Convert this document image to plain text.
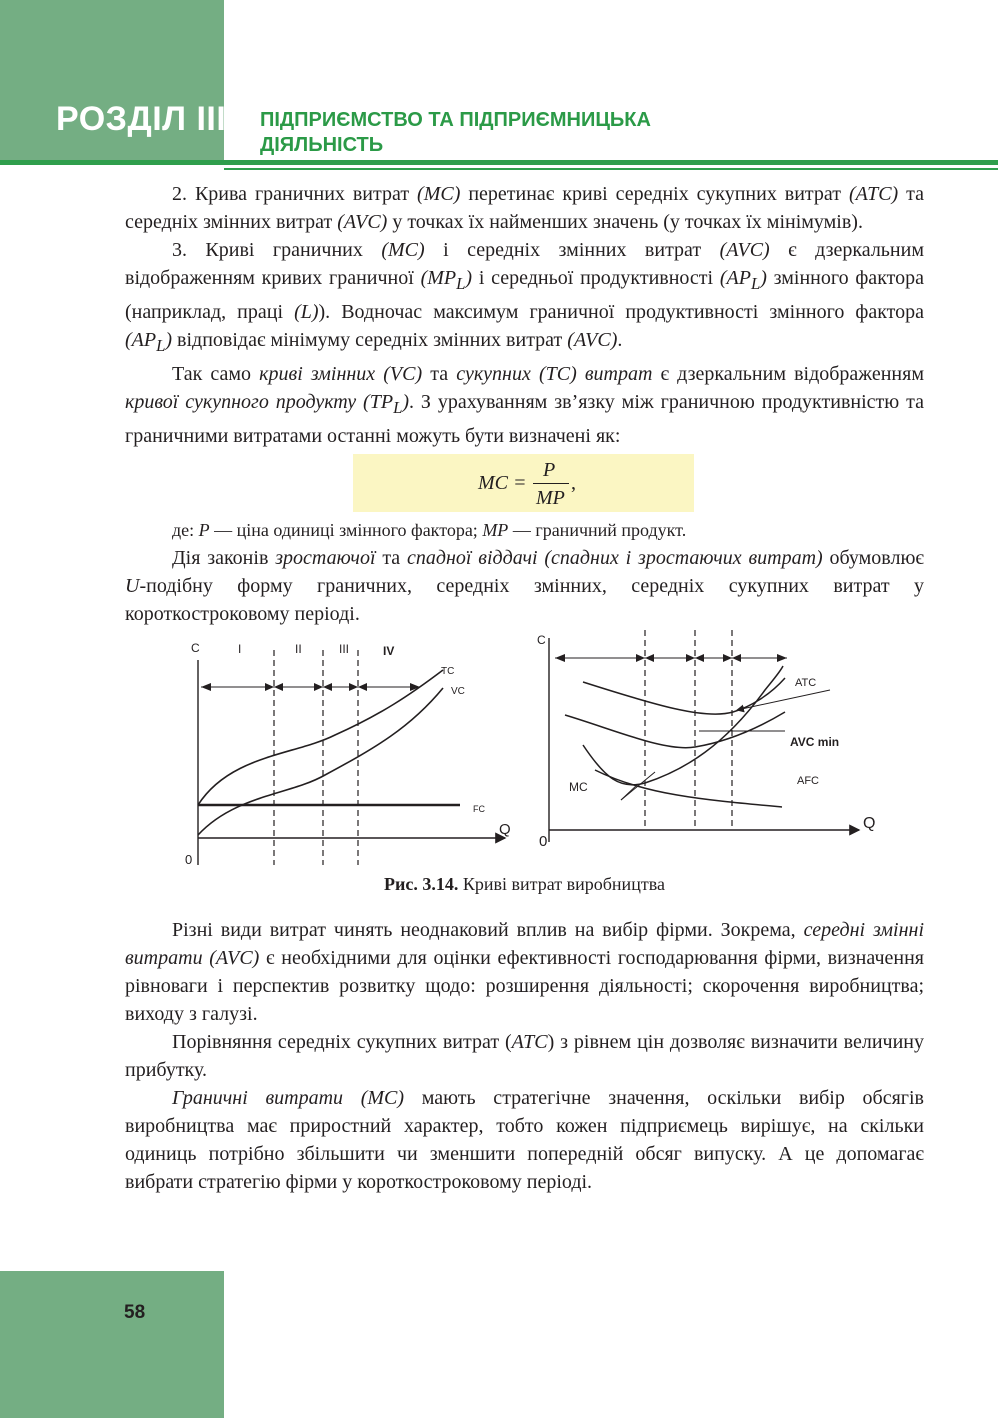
РОЗДІЛ ІІІ ПІДПРИЄМСТВО ТА ПІДПРИЄМНИЦЬКА
ДІЯЛЬНІСТЬ

2. Крива граничних витрат (MC) перетинає криві середніх сукупних витрат (ATC) та середніх змінних витрат (AVC) у точках їх найменших значень (у точках їх мінімумів).

3. Криві граничних (MC) і середніх змінних витрат (AVC) є дзеркальним відображенням кривих граничної $(MP_L)$ і середньої продуктивності $(AP_L)$ змінного фактора (наприклад, праці (L)). Водночас максимум граничної продуктивності змінного фактора $(AP_L)$ відповідає мінімуму середніх змінних витрат (AVC).

Так само криві змінних (VC) та сукупних (TC) витрат є дзеркальним відображенням кривої сукупного продукту $(TP_L)$. З урахуванням зв’язку між граничною продуктивністю та граничними витратами останні можуть бути визначені як:

MC =
P
MP
,

де: P — ціна одиниці змінного фактора; MP — граничний продукт.

Дія законів зростаючої та спадної віддачі (спадних і зростаючих витрат) обумовлює U-подібну форму граничних, середніх змінних, середніх сукупних витрат у короткостроковому періоді.

C
0
Q
I	II	III	IV
TC
VC
FC
C
0
Q
ATC
AVC min
AFC
MC

Рис. 3.14. Криві витрат виробництва

Різні види витрат чинять неоднаковий вплив на вибір фірми. Зокрема, середні змінні витрати (AVC) є необхідними для оцінки ефективності господарювання фірми, визначення рівноваги і перспектив розвитку щодо: розширення діяльності; скорочення виробництва; виходу з галузі.

Порівняння середніх сукупних витрат (ATC) з рівнем цін дозволяє визначити величину прибутку.

Граничні витрати (MC) мають стратегічне значення, оскільки вибір обсягів виробництва має приростний характер, тобто кожен підприємець вирішує, на скільки одиниць потрібно збільшити чи зменшити попередній обсяг випуску. А це допомагає вибрати стратегію фірми у короткостроковому періоді.

58
